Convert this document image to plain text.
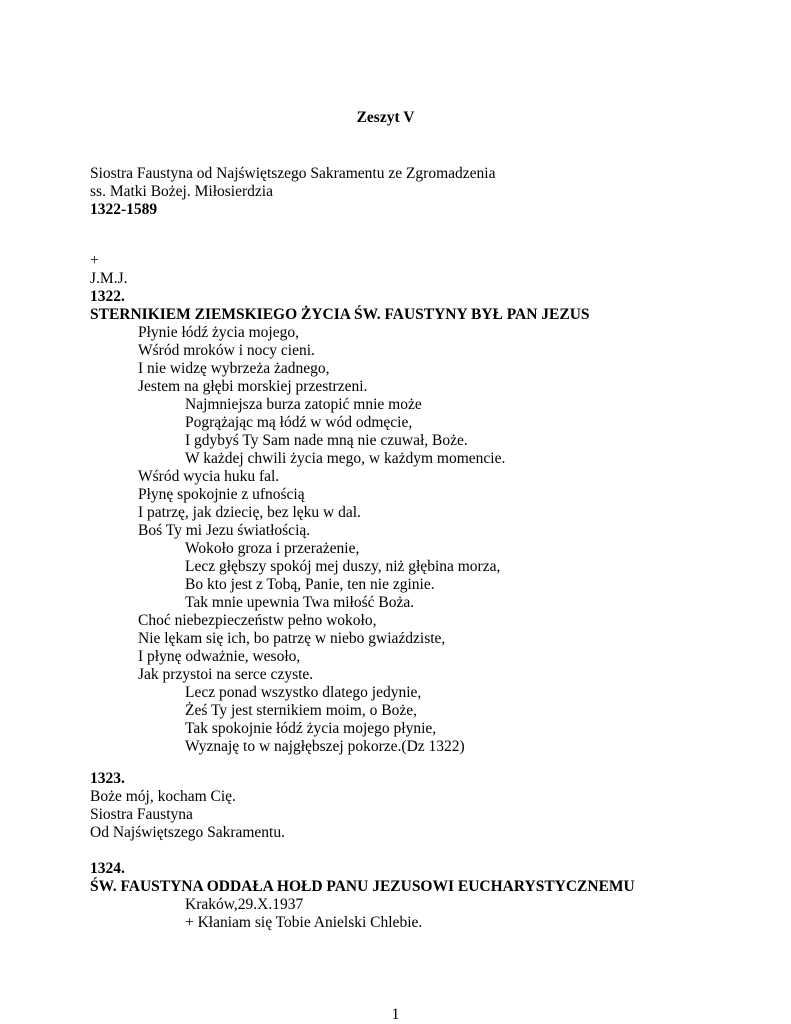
Zeszyt V
Siostra Faustyna od Najświętszego Sakramentu ze Zgromadzenia
ss. Matki Bożej. Miłosierdzia
1322-1589
+
J.M.J.
1322.
STERNIKIEM ZIEMSKIEGO ŻYCIA ŚW. FAUSTYNY BYŁ PAN JEZUS
Płynie łódź życia mojego,
Wśród mroków i nocy cieni.
I nie widzę wybrzeża żadnego,
Jestem na głębi morskiej przestrzeni.
Najmniejsza burza zatopić mnie może
Pogrążając mą łódź w wód odmęcie,
I gdybyś Ty Sam nade mną nie czuwał, Boże.
W każdej chwili życia mego, w każdym momencie.
Wśród wycia huku fal.
Płynę spokojnie z ufnością
I patrzę, jak dziecię, bez lęku w dal.
Boś Ty mi Jezu światłością.
Wokoło groza i przerażenie,
Lecz głębszy spokój mej duszy, niż głębina morza,
Bo kto jest z Tobą, Panie, ten nie zginie.
Tak mnie upewnia Twa miłość Boża.
Choć niebezpieczeństw pełno wokoło,
Nie lękam się ich, bo patrzę w niebo gwiaździste,
I płynę odważnie, wesoło,
Jak przystoi na serce czyste.
Lecz ponad wszystko dlatego jedynie,
Żeś Ty jest sternikiem moim, o Boże,
Tak spokojnie łódź życia mojego płynie,
Wyznaję to w najgłębszej pokorze.(Dz 1322)
1323.
Boże mój, kocham Cię.
Siostra Faustyna
Od Najświętszego Sakramentu.
1324.
ŚW. FAUSTYNA ODDAŁA HOŁD PANU JEZUSOWI EUCHARYSTYCZNEMU
Kraków,29.X.1937
+ Kłaniam się Tobie Anielski Chlebie.
1
